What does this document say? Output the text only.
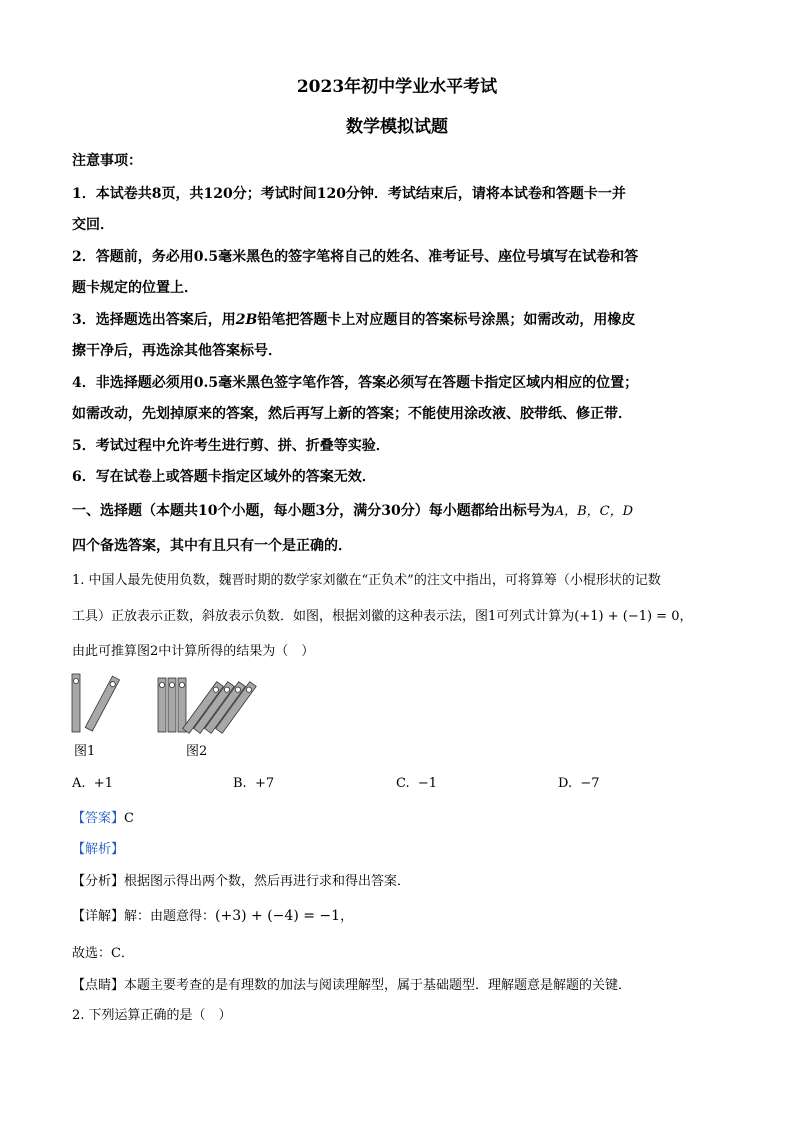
2023年初中学业水平考试
数学模拟试题
注意事项：
1．本试卷共8页，共120分；考试时间120分钟．考试结束后，请将本试卷和答题卡一并
交回．
2．答题前，务必用0.5毫米黑色的签字笔将自己的姓名、准考证号、座位号填写在试卷和答
题卡规定的位置上．
3．选择题选出答案后，用2B铅笔把答题卡上对应题目的答案标号涂黑；如需改动，用橡皮
擦干净后，再选涂其他答案标号．
4．非选择题必须用0.5毫米黑色签字笔作答，答案必须写在答题卡指定区域内相应的位置；
如需改动，先划掉原来的答案，然后再写上新的答案；不能使用涂改液、胶带纸、修正带．
5．考试过程中允许考生进行剪、拼、折叠等实验．
6．写在试卷上或答题卡指定区域外的答案无效．
一、选择题（本题共10个小题，每小题3分，满分30分）每小题都给出标号为A，B，C，D
四个备选答案，其中有且只有一个是正确的．
1. 中国人最先使用负数，魏晋时期的数学家刘徽在“正负术”的注文中指出，可将算筹（小棍形状的记数
工具）正放表示正数，斜放表示负数．如图，根据刘徽的这种表示法，图1可列式计算为(+1) + (−1) = 0，
由此可推算图2中计算所得的结果为（　）
图1	图2
A. +1	B. +7	C. −1	D. −7
【答案】C
【解析】
【分析】根据图示得出两个数，然后再进行求和得出答案．
【详解】解：由题意得：(+3) + (−4) = −1，
故选：C．
【点睛】本题主要考查的是有理数的加法与阅读理解型，属于基础题型．理解题意是解题的关键．
2. 下列运算正确的是（　）
